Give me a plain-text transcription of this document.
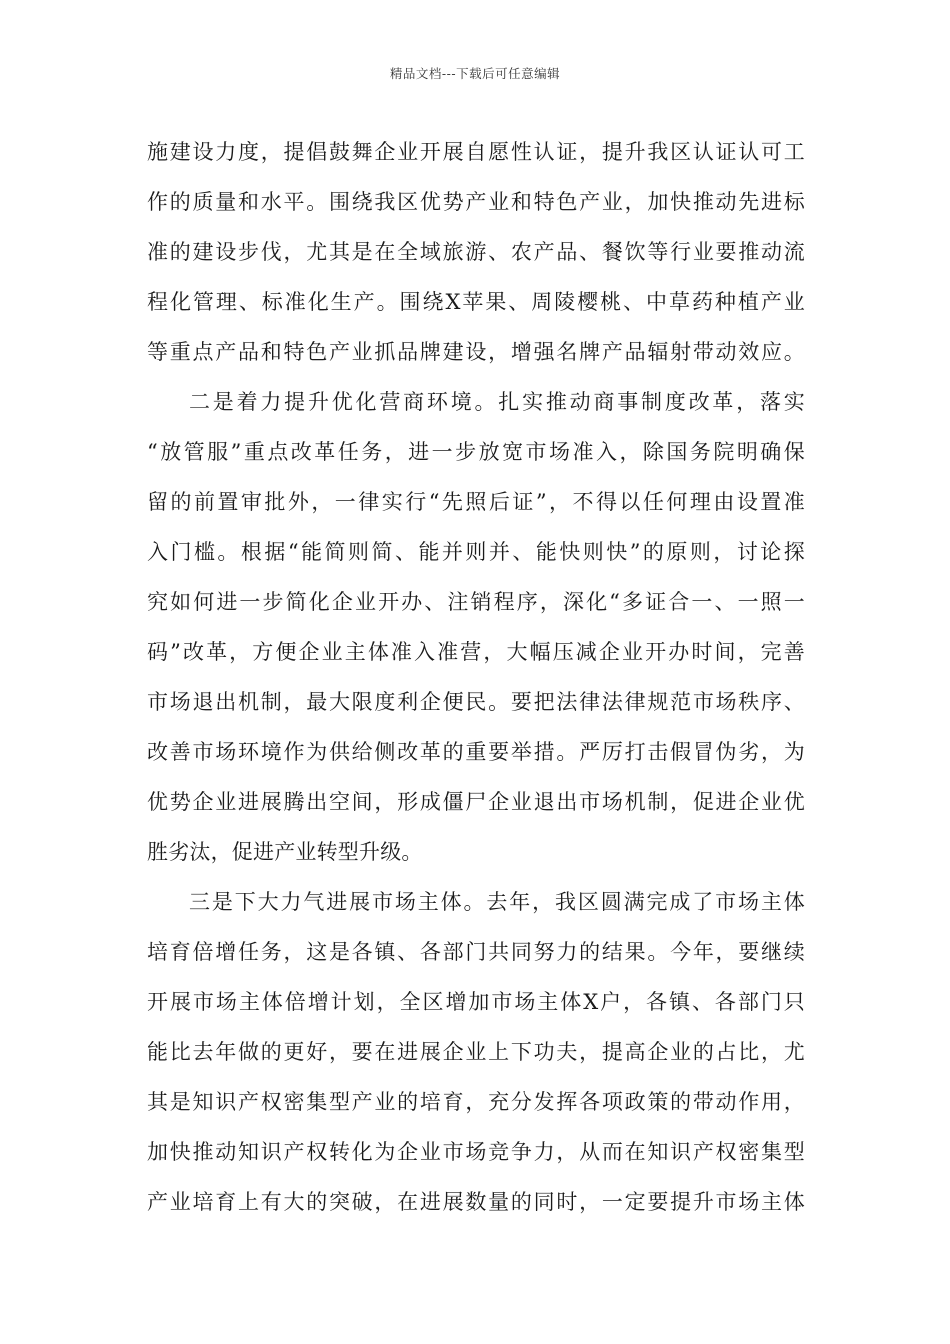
精品文档---下载后可任意编辑
施建设力度，提倡鼓舞企业开展自愿性认证，提升我区认证认可工
作的质量和水平。围绕我区优势产业和特色产业，加快推动先进标
准的建设步伐，尤其是在全域旅游、农产品、餐饮等行业要推动流
程化管理、标准化生产。围绕X苹果、周陵樱桃、中草药种植产业
等重点产品和特色产业抓品牌建设，增强名牌产品辐射带动效应。
二是着力提升优化营商环境。扎实推动商事制度改革，落实
“放管服”重点改革任务，进一步放宽市场准入，除国务院明确保
留的前置审批外，一律实行“先照后证”，不得以任何理由设置准
入门槛。根据“能简则简、能并则并、能快则快”的原则，讨论探
究如何进一步简化企业开办、注销程序，深化“多证合一、一照一
码”改革，方便企业主体准入准营，大幅压减企业开办时间，完善
市场退出机制，最大限度利企便民。要把法律法律规范市场秩序、
改善市场环境作为供给侧改革的重要举措。严厉打击假冒伪劣，为
优势企业进展腾出空间，形成僵尸企业退出市场机制，促进企业优
胜劣汰，促进产业转型升级。
三是下大力气进展市场主体。去年，我区圆满完成了市场主体
培育倍增任务，这是各镇、各部门共同努力的结果。今年，要继续
开展市场主体倍增计划，全区增加市场主体X户，各镇、各部门只
能比去年做的更好，要在进展企业上下功夫，提高企业的占比，尤
其是知识产权密集型产业的培育，充分发挥各项政策的带动作用，
加快推动知识产权转化为企业市场竞争力，从而在知识产权密集型
产业培育上有大的突破，在进展数量的同时，一定要提升市场主体
